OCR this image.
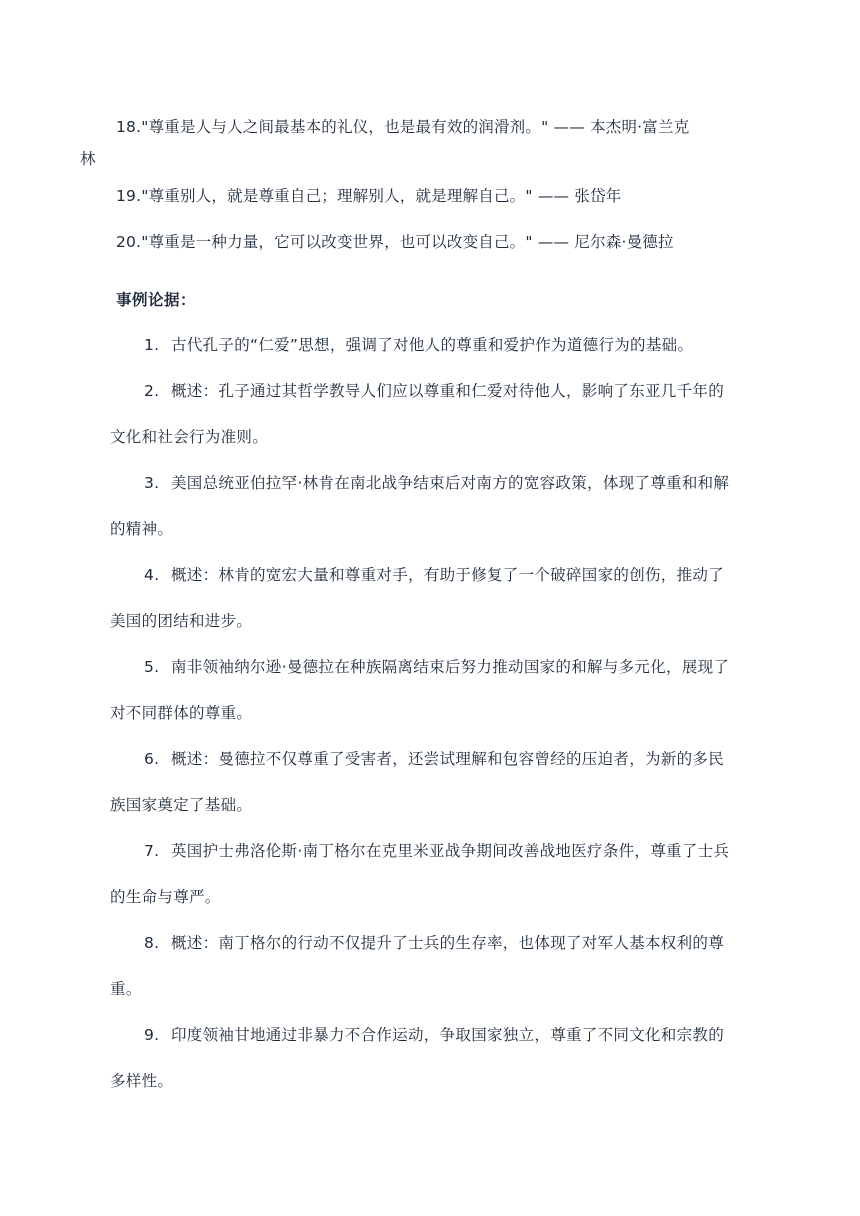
18."尊重是人与人之间最基本的礼仪，也是最有效的润滑剂。" —— 本杰明·富兰克
林
19."尊重别人，就是尊重自己；理解别人，就是理解自己。" —— 张岱年
20."尊重是一种力量，它可以改变世界，也可以改变自己。" —— 尼尔森·曼德拉
事例论据：
1. 古代孔子的“仁爱”思想，强调了对他人的尊重和爱护作为道德行为的基础。
2. 概述：孔子通过其哲学教导人们应以尊重和仁爱对待他人，影响了东亚几千年的
文化和社会行为准则。
3. 美国总统亚伯拉罕·林肯在南北战争结束后对南方的宽容政策，体现了尊重和和解
的精神。
4. 概述：林肯的宽宏大量和尊重对手，有助于修复了一个破碎国家的创伤，推动了
美国的团结和进步。
5. 南非领袖纳尔逊·曼德拉在种族隔离结束后努力推动国家的和解与多元化，展现了
对不同群体的尊重。
6. 概述：曼德拉不仅尊重了受害者，还尝试理解和包容曾经的压迫者，为新的多民
族国家奠定了基础。
7. 英国护士弗洛伦斯·南丁格尔在克里米亚战争期间改善战地医疗条件，尊重了士兵
的生命与尊严。
8. 概述：南丁格尔的行动不仅提升了士兵的生存率，也体现了对军人基本权利的尊
重。
9. 印度领袖甘地通过非暴力不合作运动，争取国家独立，尊重了不同文化和宗教的
多样性。
